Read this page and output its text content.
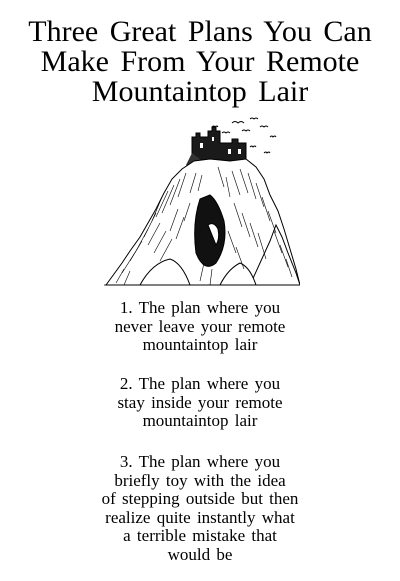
Three Great Plans You Can
Make From Your Remote
Mountaintop Lair
1. The plan where you
never leave your remote
mountaintop lair
2. The plan where you
stay inside your remote
mountaintop lair
3. The plan where you
briefly toy with the idea
of stepping outside but then
realize quite instantly what
a terrible mistake that
would be
